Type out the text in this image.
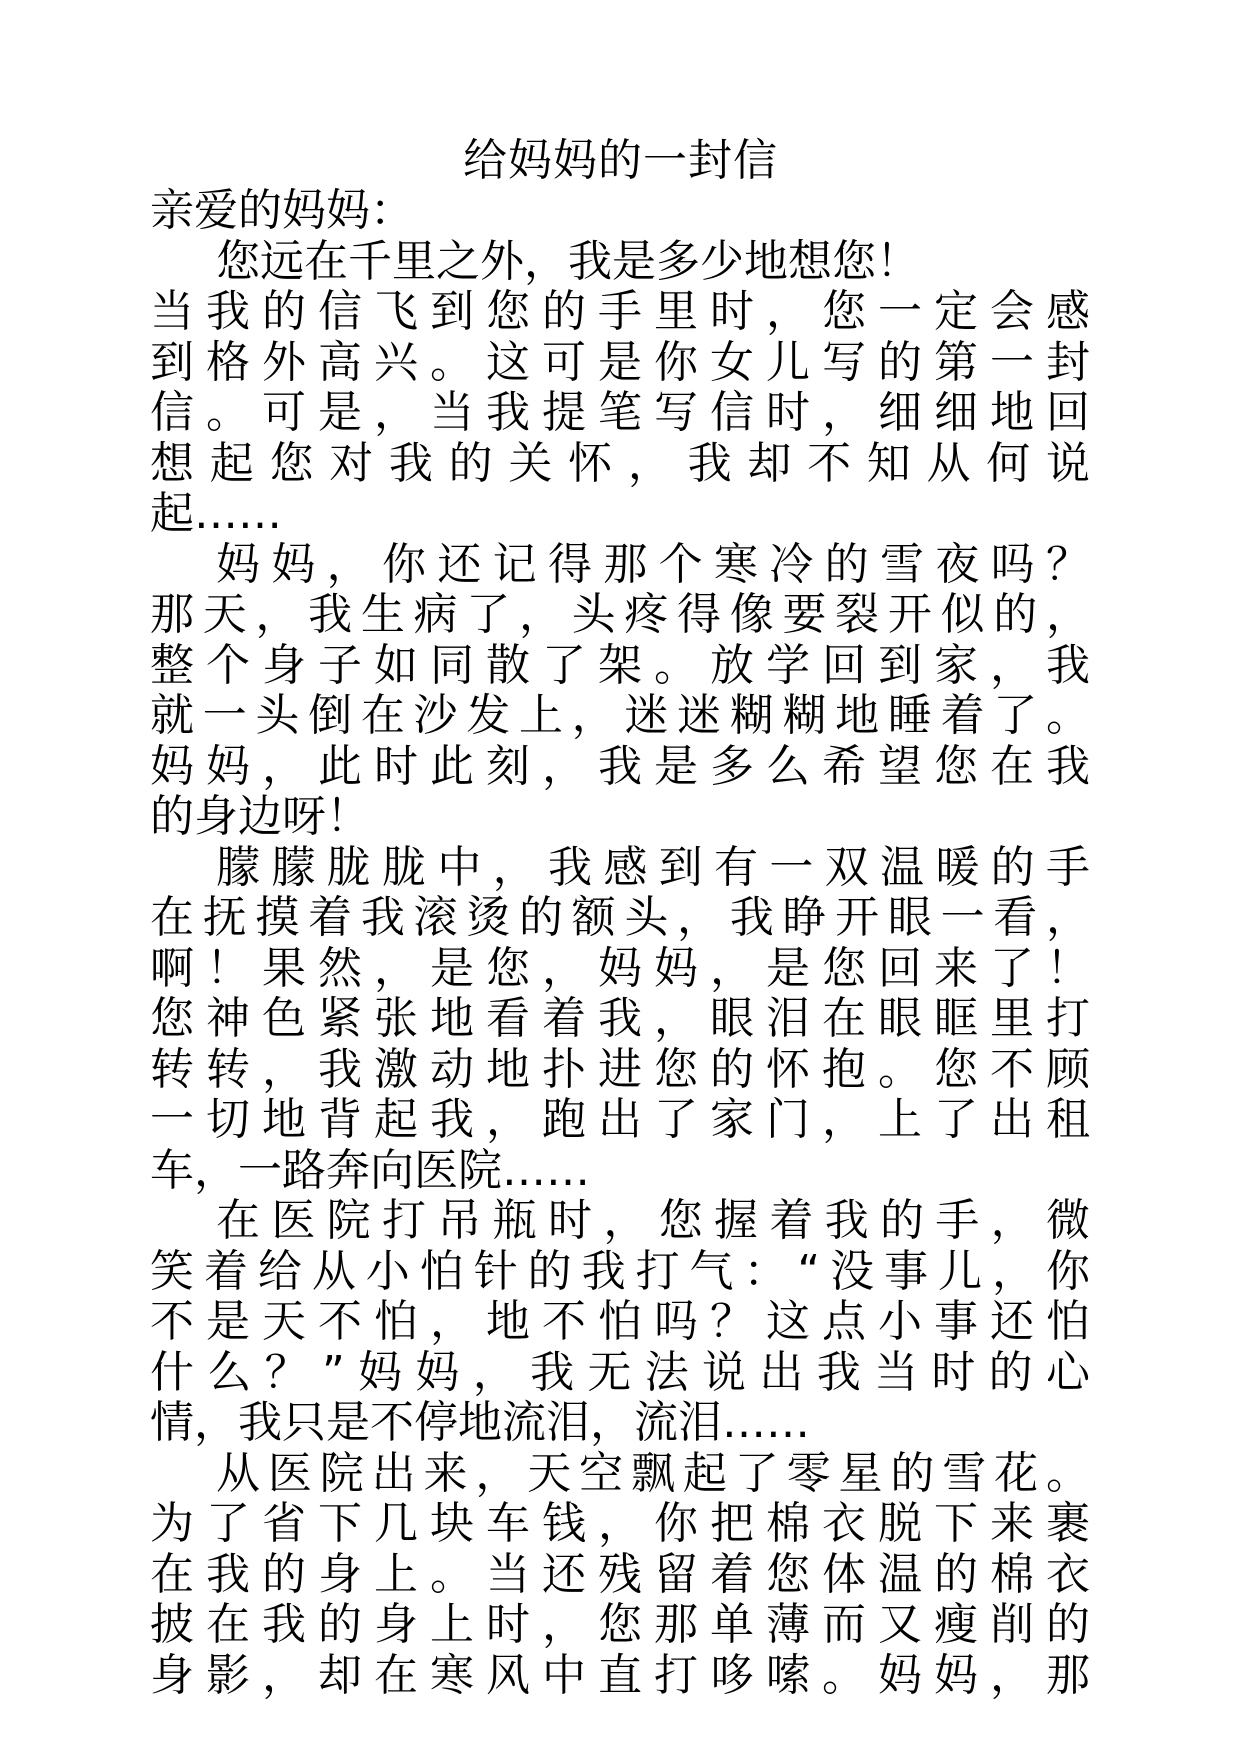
给妈妈的一封信
亲爱的妈妈：
您远在千里之外，我是多少地想您！
当我的信飞到您的手里时，您一定会感
到格外高兴。这可是你女儿写的第一封
信。可是，当我提笔写信时，细细地回
想起您对我的关怀，我却不知从何说
起……
妈妈，你还记得那个寒冷的雪夜吗？
那天，我生病了，头疼得像要裂开似的，
整个身子如同散了架。放学回到家，我
就一头倒在沙发上，迷迷糊糊地睡着了。
妈妈，此时此刻，我是多么希望您在我
的身边呀！
朦朦胧胧中，我感到有一双温暖的手
在抚摸着我滚烫的额头，我睁开眼一看，
啊！果然，是您，妈妈，是您回来了！
您神色紧张地看着我，眼泪在眼眶里打
转转，我激动地扑进您的怀抱。您不顾
一切地背起我，跑出了家门，上了出租
车，一路奔向医院……
在医院打吊瓶时，您握着我的手，微
笑着给从小怕针的我打气：“没事儿，你
不是天不怕，地不怕吗？这点小事还怕
什么？”妈妈，我无法说出我当时的心
情，我只是不停地流泪，流泪……
从医院出来，天空飘起了零星的雪花。
为了省下几块车钱，你把棉衣脱下来裹
在我的身上。当还残留着您体温的棉衣
披在我的身上时，您那单薄而又瘦削的
身影，却在寒风中直打哆嗦。妈妈，那
